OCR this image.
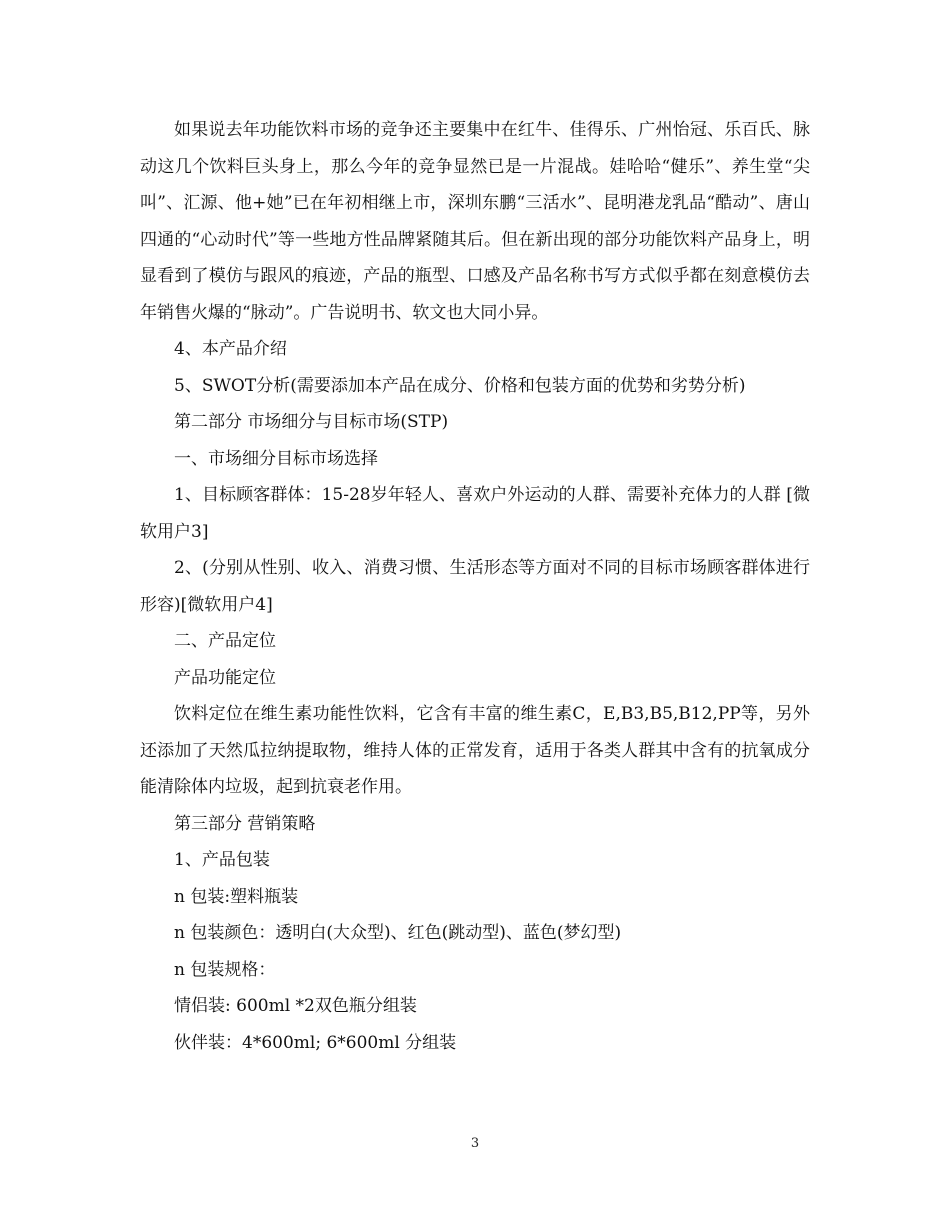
如果说去年功能饮料市场的竞争还主要集中在红牛、佳得乐、广州怡冠、乐百氏、脉动这几个饮料巨头身上，那么今年的竞争显然已是一片混战。娃哈哈“健乐”、养生堂“尖叫”、汇源、他+她”已在年初相继上市，深圳东鹏“三活水”、昆明港龙乳品“酷动”、唐山四通的“心动时代”等一些地方性品牌紧随其后。但在新出现的部分功能饮料产品身上，明显看到了模仿与跟风的痕迹，产品的瓶型、口感及产品名称书写方式似乎都在刻意模仿去年销售火爆的“脉动”。广告说明书、软文也大同小异。

4、本产品介绍

5、SWOT分析(需要添加本产品在成分、价格和包装方面的优势和劣势分析)

第二部分 市场细分与目标市场(STP)

一、市场细分目标市场选择

1、目标顾客群体：15-28岁年轻人、喜欢户外运动的人群、需要补充体力的人群 [微软用户3]

2、(分别从性别、收入、消费习惯、生活形态等方面对不同的目标市场顾客群体进行形容)[微软用户4]

二、产品定位

产品功能定位

饮料定位在维生素功能性饮料，它含有丰富的维生素C，E,B3,B5,B12,PP等，另外还添加了天然瓜拉纳提取物，维持人体的正常发育，适用于各类人群其中含有的抗氧成分能清除体内垃圾，起到抗衰老作用。

第三部分 营销策略

1、产品包装

n 包装:塑料瓶装

n 包装颜色：透明白(大众型)、红色(跳动型)、蓝色(梦幻型)

n 包装规格：

情侣装: 600ml *2双色瓶分组装

伙伴装：4*600ml; 6*600ml 分组装

3
